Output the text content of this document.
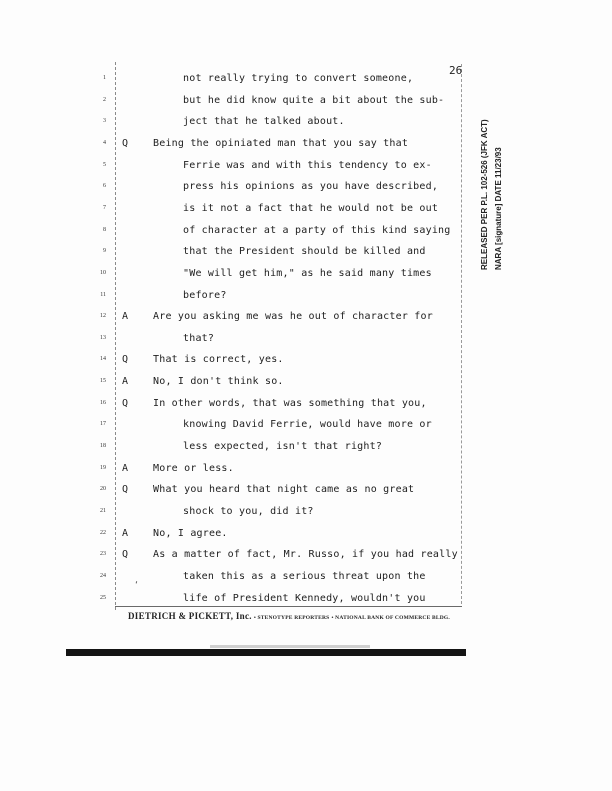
26
1	not really trying to convert someone,
2	but he did know quite a bit about the sub-
3	ject that he talked about.
4 Q Being the opiniated man that you say that
5	Ferrie was and with this tendency to ex-
6	press his opinions as you have described,
7	is it not a fact that he would not be out
8	of character at a party of this kind saying
9	that the President should be killed and
10	"We will get him," as he said many times
11	before?
12 A Are you asking me was he out of character for
13	that?
14 Q That is correct, yes.
15 A No, I don't think so.
16 Q In other words, that was something that you,
17	knowing David Ferrie, would have more or
18	less expected, isn't that right?
19 A More or less.
20 Q What you heard that night came as no great
21	shock to you, did it?
22 A No, I agree.
23 Q As a matter of fact, Mr. Russo, if you had really
24	taken this as a serious threat upon the
25	life of President Kennedy, wouldn't you
RELEASED PER P.L. 102-526 (JFK ACT) NARA [signature] DATE 11/23/93
‘
DIETRICH & PICKETT, Inc. • STENOTYPE REPORTERS • NATIONAL BANK OF COMMERCE BLDG.
